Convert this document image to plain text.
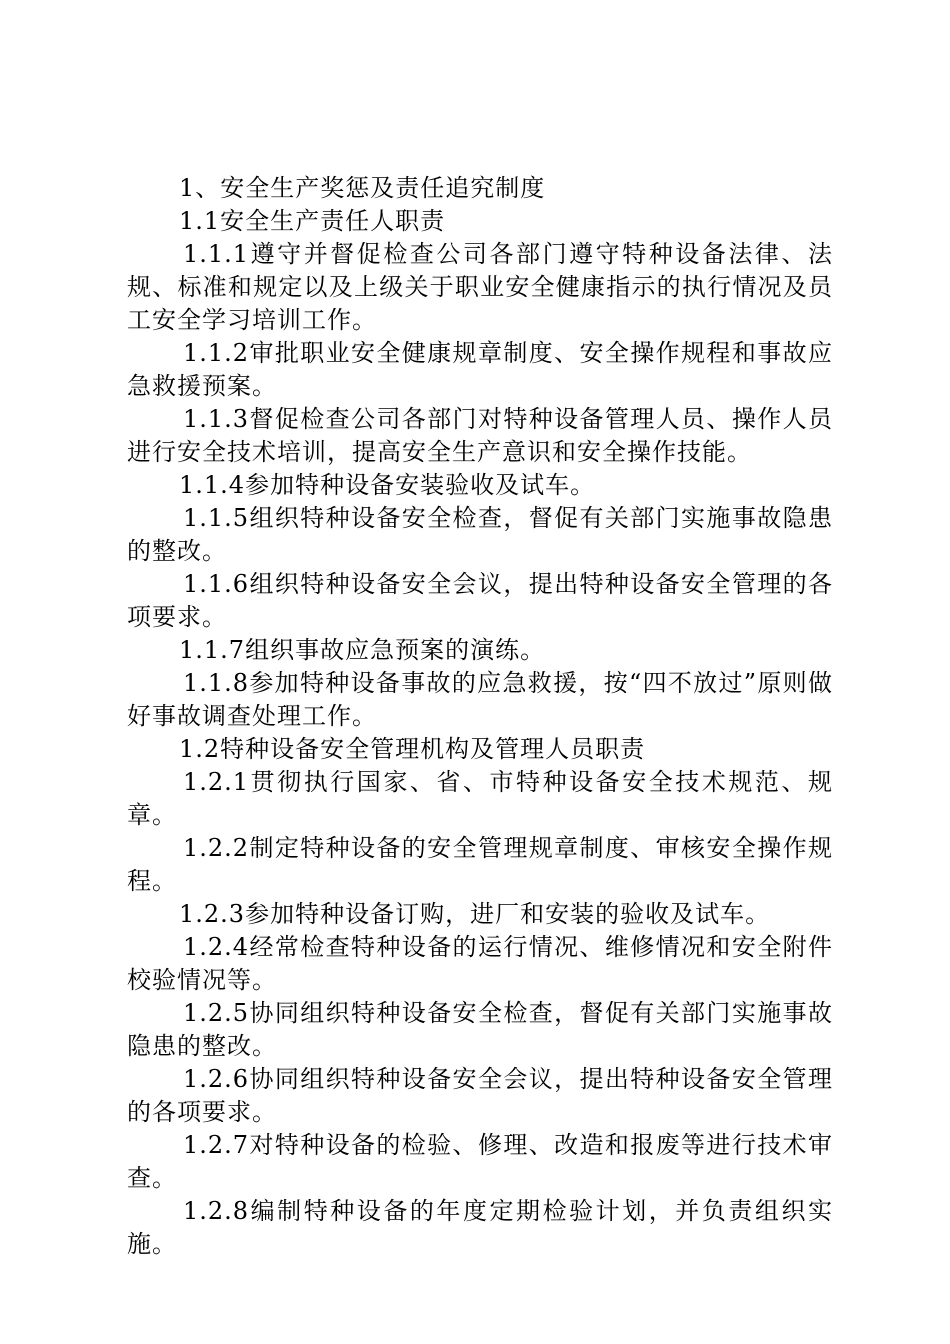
1、安全生产奖惩及责任追究制度

1.1安全生产责任人职责

1.1.1遵守并督促检查公司各部门遵守特种设备法律、法规、标准和规定以及上级关于职业安全健康指示的执行情况及员工安全学习培训工作。

1.1.2审批职业安全健康规章制度、安全操作规程和事故应急救援预案。

1.1.3督促检查公司各部门对特种设备管理人员、操作人员进行安全技术培训，提高安全生产意识和安全操作技能。

1.1.4参加特种设备安装验收及试车。

1.1.5组织特种设备安全检查，督促有关部门实施事故隐患的整改。

1.1.6组织特种设备安全会议，提出特种设备安全管理的各项要求。

1.1.7组织事故应急预案的演练。

1.1.8参加特种设备事故的应急救援，按“四不放过”原则做好事故调查处理工作。

1.2特种设备安全管理机构及管理人员职责

1.2.1贯彻执行国家、省、市特种设备安全技术规范、规章。

1.2.2制定特种设备的安全管理规章制度、审核安全操作规程。

1.2.3参加特种设备订购，进厂和安装的验收及试车。

1.2.4经常检查特种设备的运行情况、维修情况和安全附件校验情况等。

1.2.5协同组织特种设备安全检查，督促有关部门实施事故隐患的整改。

1.2.6协同组织特种设备安全会议，提出特种设备安全管理的各项要求。

1.2.7对特种设备的检验、修理、改造和报废等进行技术审查。

1.2.8编制特种设备的年度定期检验计划，并负责组织实施。
